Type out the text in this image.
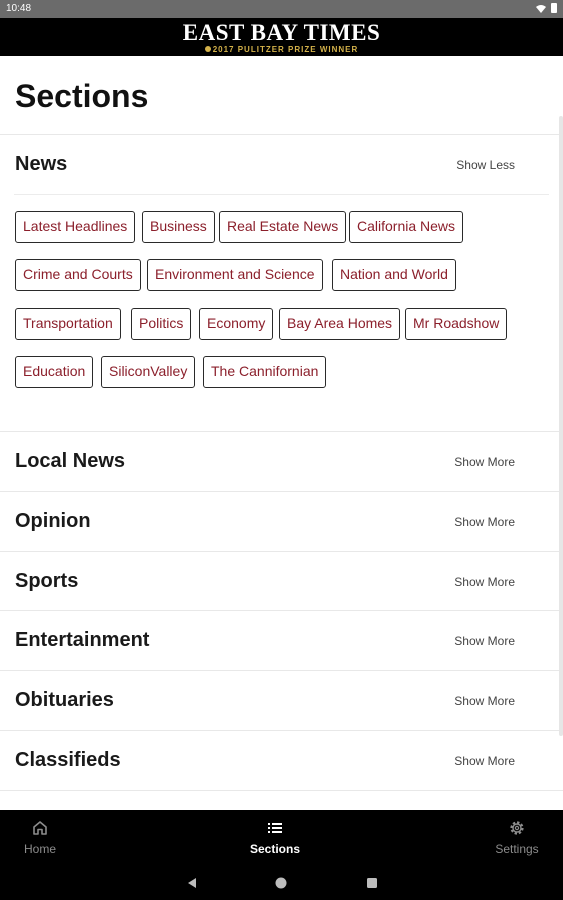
10:48
EAST BAY TIMES
2017 PULITZER PRIZE WINNER
Sections
News	Show Less
Latest Headlines	Business	Real Estate News	California News
Crime and Courts	Environment and Science	Nation and World
Transportation	Politics	Economy	Bay Area Homes	Mr Roadshow
Education	SiliconValley	The Cannifornian
Local News	Show More
Opinion	Show More
Sports	Show More
Entertainment	Show More
Obituaries	Show More
Classifieds	Show More
Home	Sections	Settings
